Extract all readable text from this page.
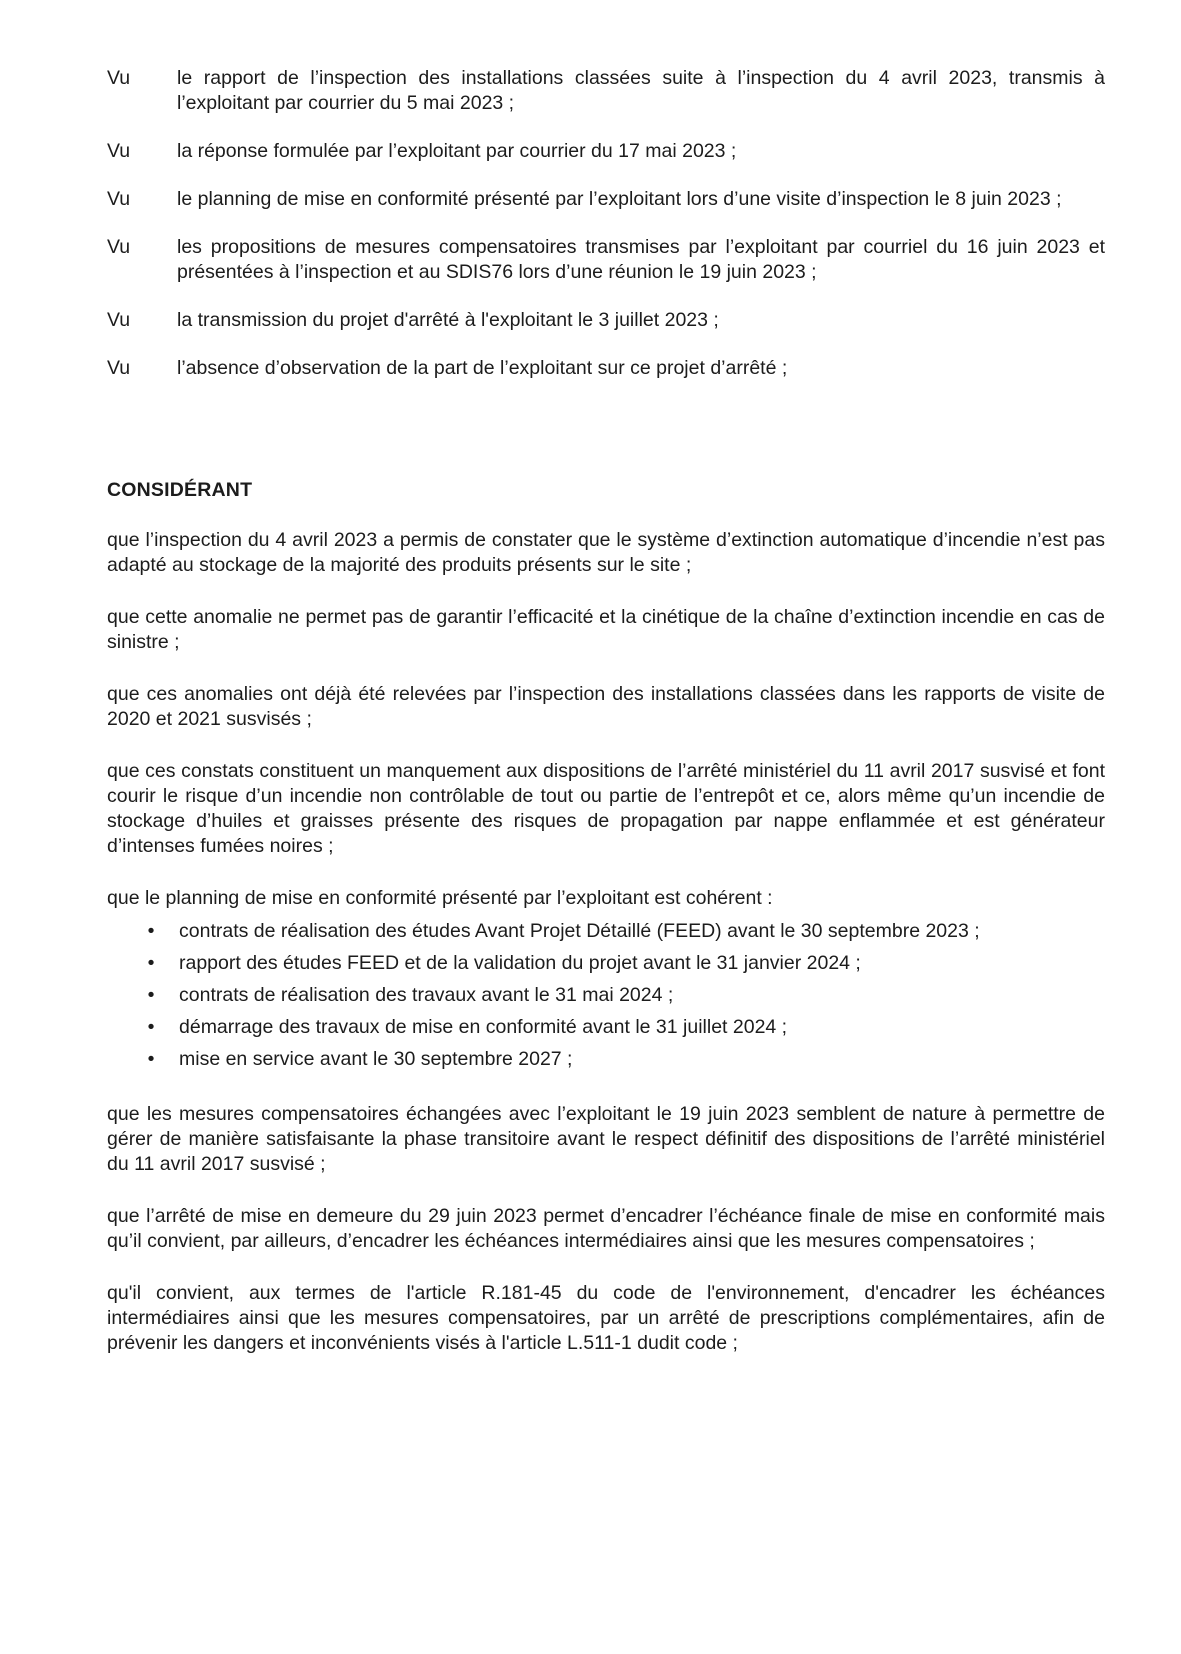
Vu	le rapport de l’inspection des installations classées suite à l’inspection du 4 avril 2023, transmis à l’exploitant par courrier du 5 mai 2023 ;
Vu	la réponse formulée par l’exploitant par courrier du 17 mai 2023 ;
Vu	le planning de mise en conformité présenté par l’exploitant lors d’une visite d’inspection le 8 juin 2023 ;
Vu	les propositions de mesures compensatoires transmises par l’exploitant par courriel du 16 juin 2023 et présentées à l’inspection et au SDIS76 lors d’une réunion le 19 juin 2023 ;
Vu	la transmission du projet d'arrêté à l'exploitant le 3 juillet 2023 ;
Vu	l’absence d’observation de la part de l’exploitant sur ce projet d’arrêté ;
CONSIDÉRANT

que l’inspection du 4 avril 2023 a permis de constater que le système d’extinction automatique d’incendie n’est pas adapté au stockage de la majorité des produits présents sur le site ;

que cette anomalie ne permet pas de garantir l’efficacité et la cinétique de la chaîne d’extinction incendie en cas de sinistre ;

que ces anomalies ont déjà été relevées par l’inspection des installations classées dans les rapports de visite de 2020 et 2021 susvisés ;

que ces constats constituent un manquement aux dispositions de l’arrêté ministériel du 11 avril 2017 susvisé et font courir le risque d’un incendie non contrôlable de tout ou partie de l’entrepôt et ce, alors même qu’un incendie de stockage d’huiles et graisses présente des risques de propagation par nappe enflammée et est générateur d’intenses fumées noires ;

que le planning de mise en conformité présenté par l’exploitant est cohérent :

• contrats de réalisation des études Avant Projet Détaillé (FEED) avant le 30 septembre 2023 ;
• rapport des études FEED et de la validation du projet avant le 31 janvier 2024 ;
• contrats de réalisation des travaux avant le 31 mai 2024 ;
• démarrage des travaux de mise en conformité avant le 31 juillet 2024 ;
• mise en service avant le 30 septembre 2027 ;

que les mesures compensatoires échangées avec l’exploitant le 19 juin 2023 semblent de nature à permettre de gérer de manière satisfaisante la phase transitoire avant le respect définitif des dispositions de l’arrêté ministériel du 11 avril 2017 susvisé ;

que l’arrêté de mise en demeure du 29 juin 2023 permet d’encadrer l’échéance finale de mise en conformité mais qu’il convient, par ailleurs, d’encadrer les échéances intermédiaires ainsi que les mesures compensatoires ;

qu'il convient, aux termes de l'article R.181-45 du code de l'environnement, d'encadrer les échéances intermédiaires ainsi que les mesures compensatoires, par un arrêté de prescriptions complémentaires, afin de prévenir les dangers et inconvénients visés à l'article L.511-1 dudit code ;
